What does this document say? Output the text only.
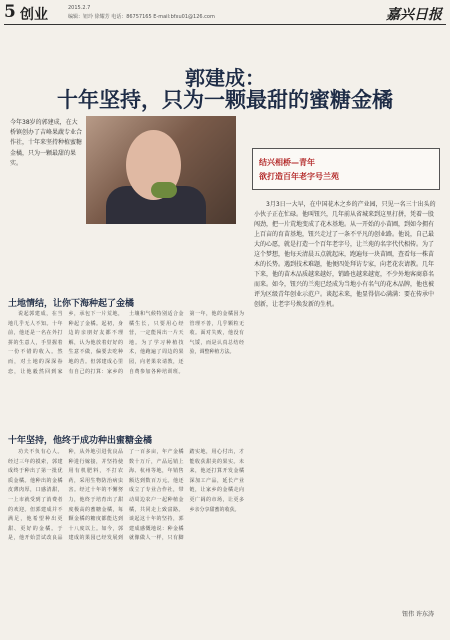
5 创业	2015.2.7
编辑：钮玲 徐耀芳 电话：86757165 E-mail:bfxu01@126.com	嘉兴日报
郭建成：
十年坚持，只为一颗最甜的蜜糖金橘
今年38岁的郭建成，在大桥镇创办了吉峰果蔬专业合作社，十年来坚持种植蜜糖金橘，只为一颗最甜的果实。	结兴相桥—青年
欲打造百年老字号兰苑
3月3日一大早，在中国花木之乡的产业园，只见一名三十出头的小伙子正在忙碌。他叫钮兴，几年前从省城来到这里打拼，凭着一股闯劲，把一片荒地变成了花木基地。从一开始的小苗圃，到如今拥有上百亩的育苗基地，钮兴走过了一条不平凡的创业路。他说，自己最大的心愿，就是打造一个百年老字号，让兰苑的名字代代相传。为了这个梦想，他每天清晨五点就起床，跑遍每一块苗圃，查看每一株苗木的长势。遇到技术难题，他便四处拜访专家，向老花农请教。几年下来，他的苗木品质越来越好，销路也越来越宽，不少外地客商慕名而来。如今，钮兴的兰苑已经成为当地小有名气的花木品牌，他也被评为区级青年创业示范户。谈起未来，他显得信心满满：要在传承中创新，让老字号焕发新的生机。
钮伟 许东涛
土地情结，让你下海种起了金橘
说起郭建成，在当地几乎无人不知。十年前，他还是一名在外打拼的生意人，手里握着一份不错的收入。然而，对土地的深深眷恋，让他毅然回到家乡，承包下一片荒地，种起了金橘。起初，身边的亲朋好友都不理解，认为他放着好好的生意不做，偏要去吃种地的苦。但郭建成心里有自己的打算：家乡的土壤和气候特别适合金橘生长，只要用心经营，一定能闯出一片天地。为了学习种植技术，他跑遍了周边的果园，向老果农请教，还自费参加各种培训班。第一年，他的金橘因为管理不善，几乎颗粒无收。面对失败，他没有气馁，而是认真总结经验，调整种植方法。
十年坚持，他终于成功种出蜜糖金橘
功夫不负有心人。经过三年的摸索，郭建成终于种出了第一批优质金橘。他种出的金橘皮薄肉厚，口感清甜，一上市就受到了消费者的欢迎。但郭建成并不满足，他希望种出更甜、更好的金橘。于是，他开始尝试改良品种，从外地引进优良品种进行嫁接，并坚持使用有机肥料，不打农药，采用生物防治病虫害。经过十年的不懈努力，他终于培育出了甜度极高的蜜糖金橘，每颗金橘的糖度都能达到十八度以上。如今，郭建成的果园已经发展到了一百多亩，年产金橘数十万斤，产品远销上海、杭州等地，年销售额达到数百万元。他还成立了专业合作社，带动周边农户一起种植金橘，共同走上致富路。谈起这十年的坚持，郭建成感慨地说：种金橘就像做人一样，只有脚踏实地，用心付出，才能收获甜美的果实。未来，他还打算开发金橘深加工产品，延长产业链，让家乡的金橘走向更广阔的市场，让更多乡亲分享甜蜜的收获。
